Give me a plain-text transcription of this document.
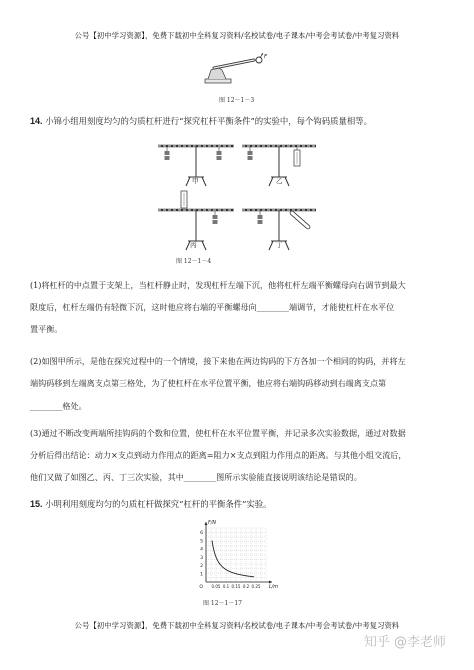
公号【初中学习资源】，免费下载初中全科复习资料/名校试卷/电子课本/中考会考试卷/中考复习资料
F
图 12－1－3
14. 小锦小组用刻度均匀的匀质杠杆进行“探究杠杆平衡条件”的实验中，每个钩码质量相等。
甲	乙
丙	丁
图 12－1－4
(1)将杠杆的中点置于支架上，当杠杆静止时，发现杠杆左端下沉，他将杠杆左端平衡螺母向右调节到最大
限度后，杠杆左端仍有轻微下沉，这时他应将右端的平衡螺母向________端调节，才能使杠杆在水平位
置平衡。
(2)如图甲所示，是他在探究过程中的一个情境，接下来他在两边钩码的下方各加一个相同的钩码，并将左
端钩码移到左端离支点第三格处，为了使杠杆在水平位置平衡，他应将右端钩码移动到右端离支点第
________格处。
(3)通过不断改变两端所挂钩码的个数和位置，使杠杆在水平位置平衡，并记录多次实验数据，通过对数据
分析后得出结论：动力×支点到动力作用点的距离=阻力×支点到阻力作用点的距离。与其他小组交流后，
他们又做了如图乙、丙、丁三次实验，其中________图所示实验能直接说明该结论是错误的。
15. 小明利用刻度均匀的匀质杠杆做探究“杠杆的平衡条件”实验。
6
5
4
3
2
1
0.05 0.1 0.15 0.2 0.25
O
F/N
L/m
图 12－1－17
公号【初中学习资源】，免费下载初中全科复习资料/名校试卷/电子课本/中考会考试卷/中考复习资料
知乎 @李老师
